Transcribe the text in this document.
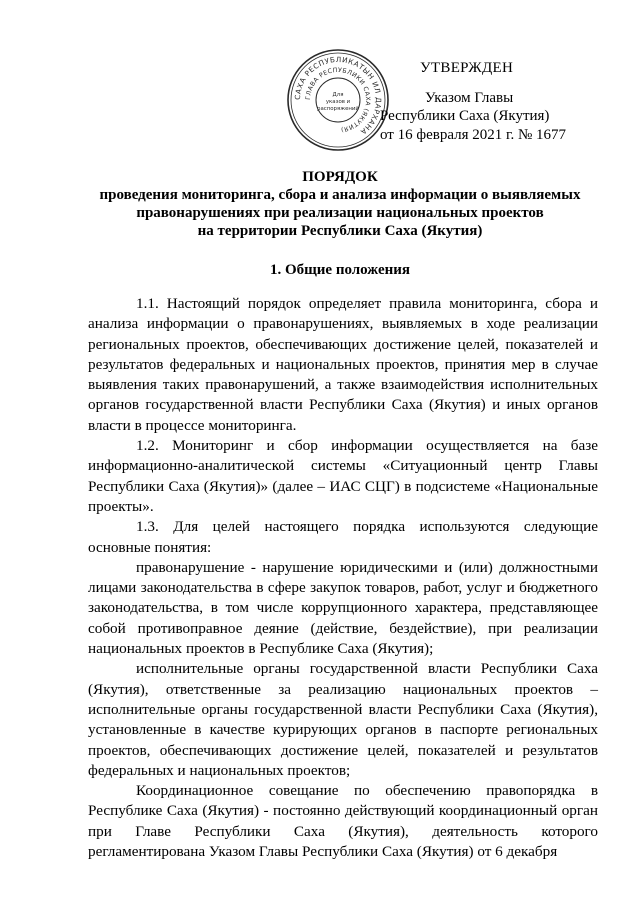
САХА РЕСПУБЛИКАТЫН ИЛ ДАРХАНА
ГЛАВА РЕСПУБЛИКИ САХА (ЯКУТИЯ)
Для
указов и
распоряжений
УТВЕРЖДЕН
Указом Главы
Республики Саха (Якутия)
от 16 февраля 2021 г. № 1677
ПОРЯДОК
проведения мониторинга, сбора и анализа информации о выявляемых
правонарушениях при реализации национальных проектов
на территории Республики Саха (Якутия)
1. Общие положения

1.1. Настоящий порядок определяет правила мониторинга, сбора и анализа информации о правонарушениях, выявляемых в ходе реализации региональных проектов, обеспечивающих достижение целей, показателей и результатов федеральных и национальных проектов, принятия мер в случае выявления таких правонарушений, а также взаимодействия исполнительных органов государственной власти Республики Саха (Якутия) и иных органов власти в процессе мониторинга.

1.2. Мониторинг и сбор информации осуществляется на базе информационно-аналитической системы «Ситуационный центр Главы Республики Саха (Якутия)» (далее – ИАС СЦГ) в подсистеме «Национальные проекты».

1.3. Для целей настоящего порядка используются следующие основные понятия:

правонарушение - нарушение юридическими и (или) должностными лицами законодательства в сфере закупок товаров, работ, услуг и бюджетного законодательства, в том числе коррупционного характера, представляющее собой противоправное деяние (действие, бездействие), при реализации национальных проектов в Республике Саха (Якутия);

исполнительные органы государственной власти Республики Саха (Якутия), ответственные за реализацию национальных проектов – исполнительные органы государственной власти Республики Саха (Якутия), установленные в качестве курирующих органов в паспорте региональных проектов, обеспечивающих достижение целей, показателей и результатов федеральных и национальных проектов;

Координационное совещание по обеспечению правопорядка в Республике Саха (Якутия) - постоянно действующий координационный орган при Главе Республики Саха (Якутия), деятельность которого регламентирована Указом Главы Республики Саха (Якутия) от 6 декабря
